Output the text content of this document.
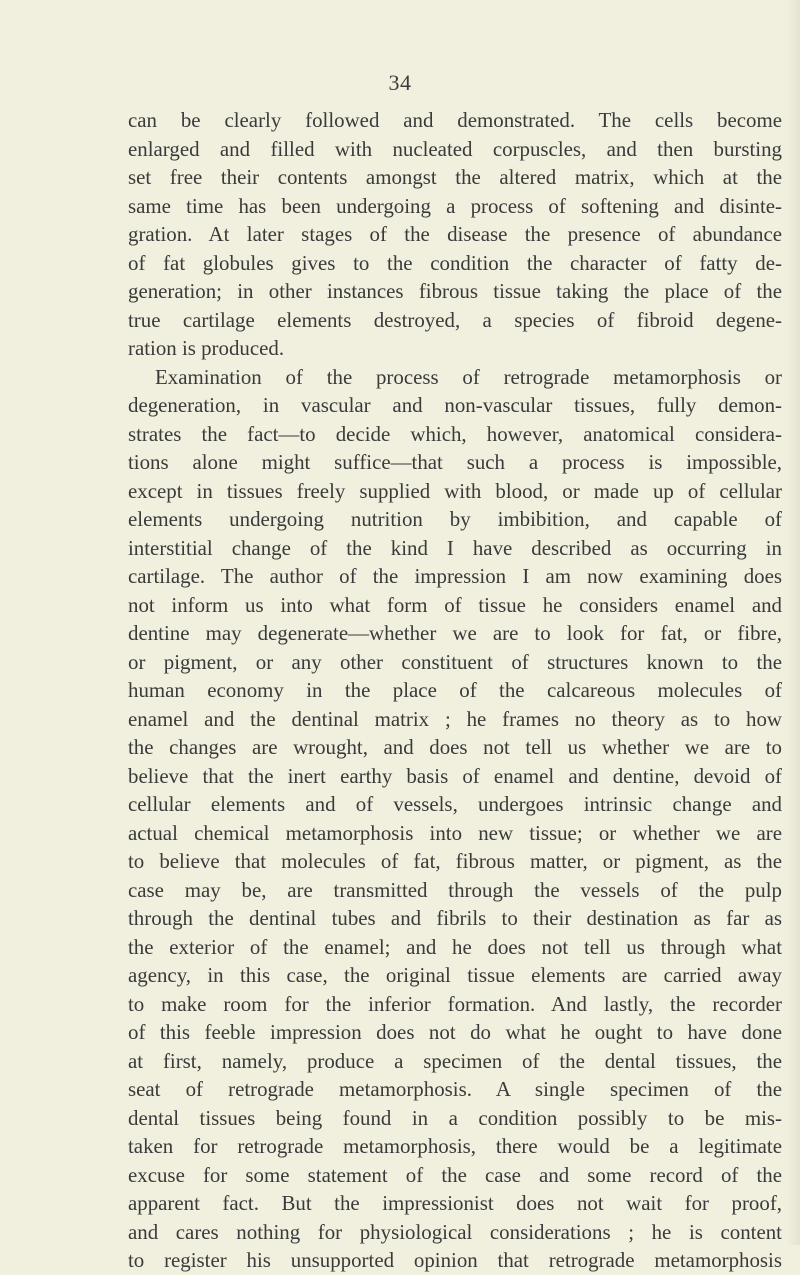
34
can be clearly followed and demonstrated. The cells become
enlarged and filled with nucleated corpuscles, and then bursting
set free their contents amongst the altered matrix, which at the
same time has been undergoing a process of softening and disinte-
gration. At later stages of the disease the presence of abundance
of fat globules gives to the condition the character of fatty de-
generation; in other instances fibrous tissue taking the place of the
true cartilage elements destroyed, a species of fibroid degene-
ration is produced.
Examination of the process of retrograde metamorphosis or
degeneration, in vascular and non-vascular tissues, fully demon-
strates the fact—to decide which, however, anatomical considera-
tions alone might suffice—that such a process is impossible,
except in tissues freely supplied with blood, or made up of cellular
elements undergoing nutrition by imbibition, and capable of
interstitial change of the kind I have described as occurring in
cartilage. The author of the impression I am now examining does
not inform us into what form of tissue he considers enamel and
dentine may degenerate—whether we are to look for fat, or fibre,
or pigment, or any other constituent of structures known to the
human economy in the place of the calcareous molecules of
enamel and the dentinal matrix ; he frames no theory as to how
the changes are wrought, and does not tell us whether we are to
believe that the inert earthy basis of enamel and dentine, devoid of
cellular elements and of vessels, undergoes intrinsic change and
actual chemical metamorphosis into new tissue; or whether we are
to believe that molecules of fat, fibrous matter, or pigment, as the
case may be, are transmitted through the vessels of the pulp
through the dentinal tubes and fibrils to their destination as far as
the exterior of the enamel; and he does not tell us through what
agency, in this case, the original tissue elements are carried away
to make room for the inferior formation. And lastly, the recorder
of this feeble impression does not do what he ought to have done
at first, namely, produce a specimen of the dental tissues, the
seat of retrograde metamorphosis. A single specimen of the
dental tissues being found in a condition possibly to be mis-
taken for retrograde metamorphosis, there would be a legitimate
excuse for some statement of the case and some record of the
apparent fact. But the impressionist does not wait for proof,
and cares nothing for physiological considerations ; he is content
to register his unsupported opinion that retrograde metamorphosis
